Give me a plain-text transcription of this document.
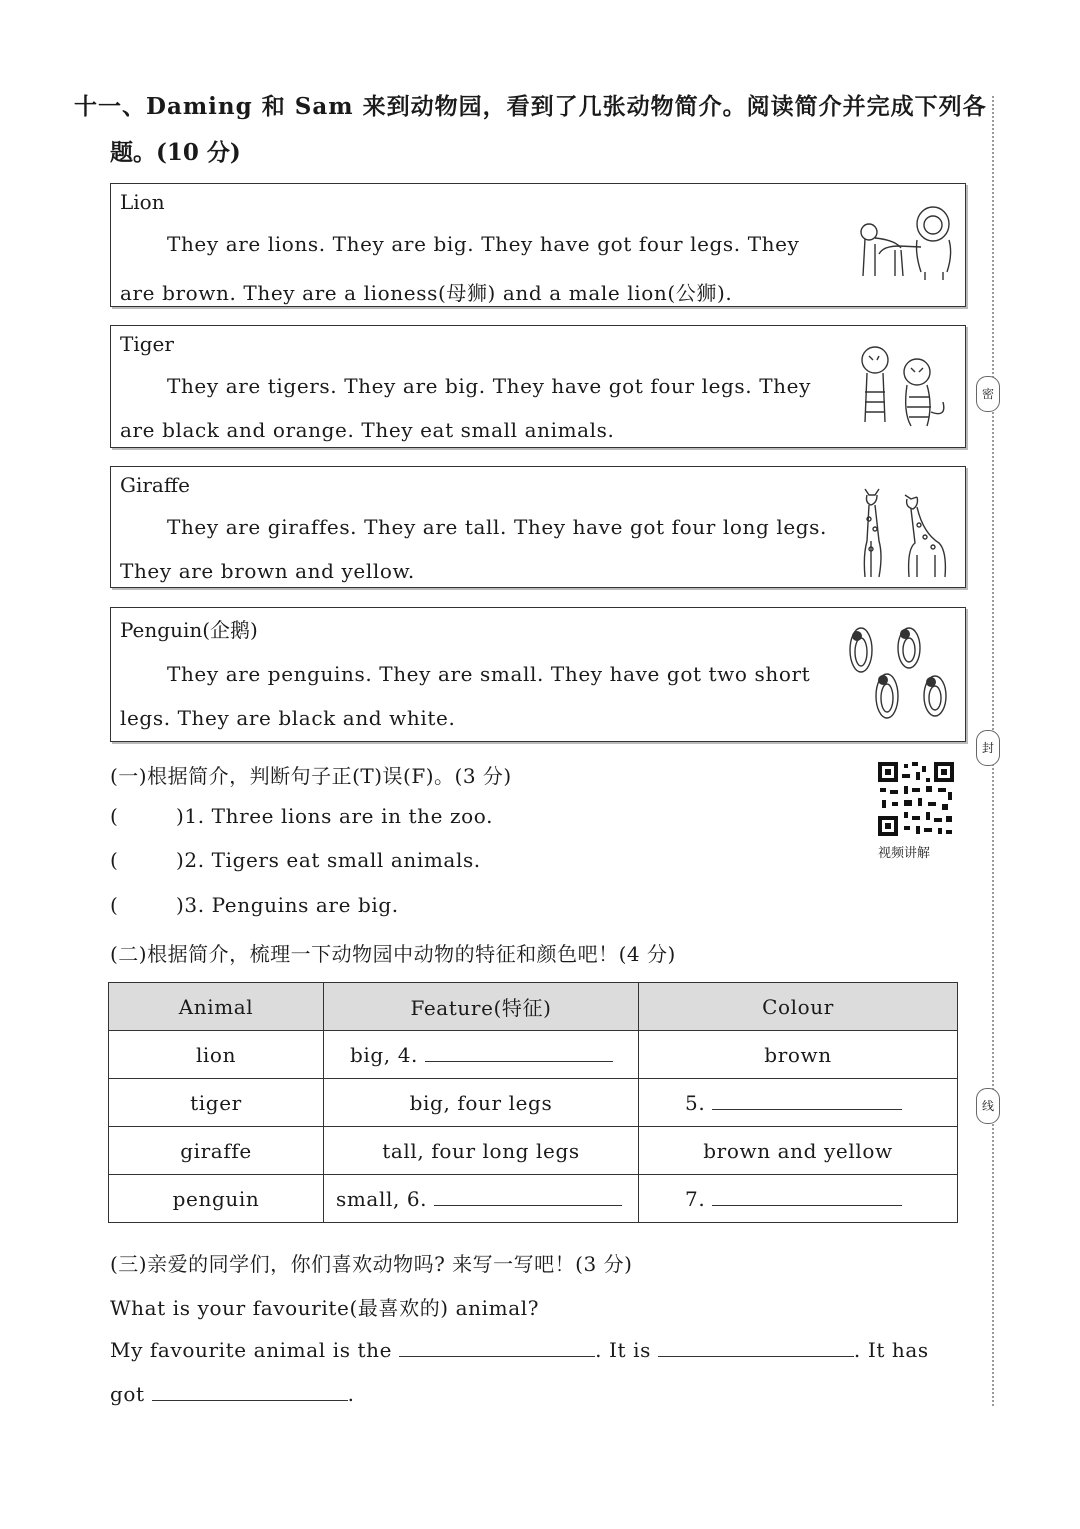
十一、Daming 和 Sam 来到动物园，看到了几张动物简介。阅读简介并完成下列各
题。(10 分)
Lion
They are lions. They are big. They have got four legs. They
are brown. They are a lioness(母狮) and a male lion(公狮).
Tiger
They are tigers. They are big. They have got four legs. They
are black and orange. They eat small animals.
Giraffe
They are giraffes. They are tall. They have got four long legs.
They are brown and yellow.
Penguin(企鹅)
They are penguins. They are small. They have got two short
legs. They are black and white.
(一)根据简介，判断句子正(T)误(F)。(3 分)
(	)1. Three lions are in the zoo.
(	)2. Tigers eat small animals.
(	)3. Penguins are big.
视频讲解
(二)根据简介，梳理一下动物园中动物的特征和颜色吧！(4 分)
Animal	Feature(特征)	Colour
lion	big, 4.	brown
tiger	big, four legs	5.
giraffe	tall, four long legs	brown and yellow
penguin	small, 6.	7.
(三)亲爱的同学们，你们喜欢动物吗? 来写一写吧！(3 分)
What is your favourite(最喜欢的) animal?
My favourite animal is the	. It is	. It has
got	.
密
封
线
